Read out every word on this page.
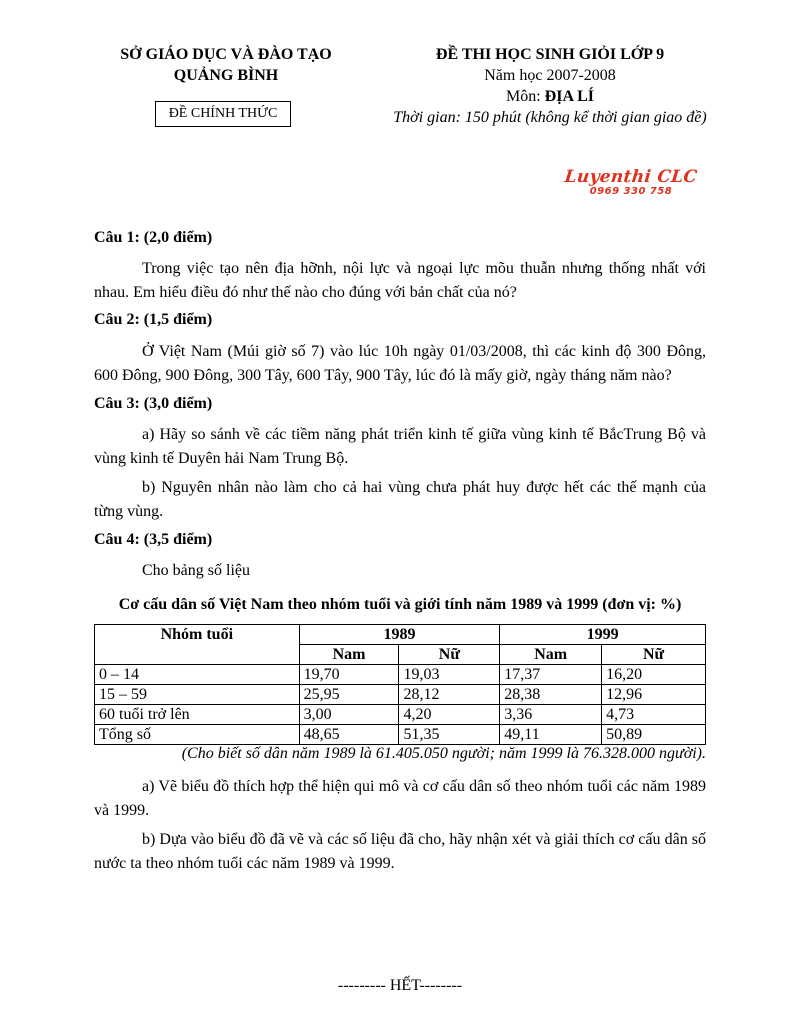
SỞ GIÁO DỤC VÀ ĐÀO TẠO
QUẢNG BÌNH
ĐỀ CHÍNH THỨC
ĐỀ THI HỌC SINH GIỎI LỚP 9
Năm học 2007-2008
Môn: ĐỊA LÍ
Thời gian: 150 phút (không kể thời gian giao đề)
Luyenthi CLC
0969 330 758
Câu 1: (2,0 điểm)
Trong việc tạo nên địa hỡnh, nội lực và ngoại lực mõu thuẫn nhưng thống nhất với nhau. Em hiểu điều đó như thế nào cho đúng với bản chất của nó?
Câu 2: (1,5 điểm)
Ở Việt Nam (Múi giờ số 7) vào lúc 10h ngày 01/03/2008, thì các kinh độ 300 Đông, 600 Đông, 900 Đông, 300 Tây, 600 Tây, 900 Tây, lúc đó là mấy giờ, ngày tháng năm nào?
Câu 3: (3,0 điểm)
a) Hãy so sánh về các tiềm năng phát triển kinh tế giữa vùng kinh tế BắcTrung Bộ và vùng kinh tế Duyên hải Nam Trung Bộ.
b) Nguyên nhân nào làm cho cả hai vùng chưa phát huy được hết các thế mạnh của từng vùng.
Câu 4: (3,5 điểm)
Cho bảng số liệu
Cơ cấu dân số Việt Nam theo nhóm tuổi và giới tính năm 1989 và 1999 (đơn vị: %)
Nhóm tuổi	1989		1999	
	Nam	Nữ	Nam	Nữ
0 – 14	19,70	19,03	17,37	16,20
15 – 59	25,95	28,12	28,38	12,96
60 tuổi trở lên	3,00	4,20	3,36	4,73
Tổng số	48,65	51,35	49,11	50,89
(Cho biết số dân năm 1989 là 61.405.050 người; năm 1999 là 76.328.000 người).
a) Vẽ biểu đồ thích hợp thể hiện qui mô và cơ cấu dân số theo nhóm tuổi các năm 1989 và 1999.
b) Dựa vào biểu đồ đã vẽ và các số liệu đã cho, hãy nhận xét và giải thích cơ cấu dân số nước ta theo nhóm tuổi các năm 1989 và 1999.
--------- HẾT--------
